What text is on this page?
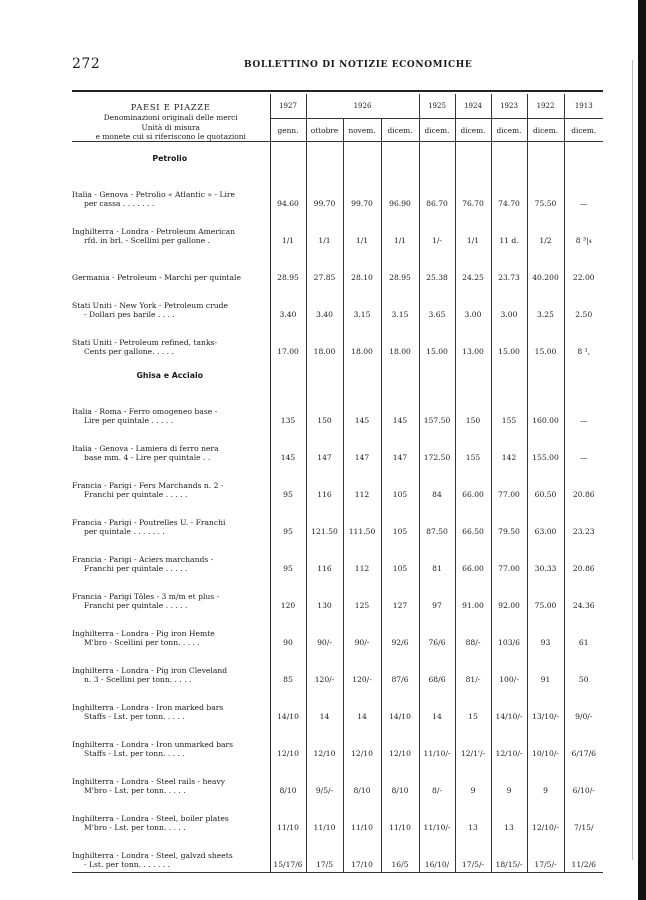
272	BOLLETTINO DI NOTIZIE ECONOMICHE
PAESI E PIAZZE
Denominazioni originali delle merci
Unità di misura
e monete cui si riferiscono le quotazioni	1927	1926			1925	1924	1923	1922	1913
	genn.	ottobre	novem.	dicem.	dicem.	dicem.	dicem.	dicem.	dicem.
Petrolio									

Italia - Genova - Petrolio « Atlantic » - Lire
per cassa . . . . . . .	94.60	99.70	99.70	96.90	86.70	76.70	74.70	75.50	—

Inghilterra - Londra - Petroleum American
rfd. in brl. - Scellini per gallone .	1/1	1/1	1/1	1/1	1/-	1/1	11 d.	1/2	8 ³|₄

Germania - Petroleum - Marchi per quintale	28.95	27.85	28.10	28.95	25.38	24.25	23.73	40.200	22.00

Stati Uniti - New York - Petroleum crude
- Dollari pes barile . . . .	3.40	3.40	3.15	3.15	3.65	3.00	3.00	3.25	2.50

Stati Uniti - Petroleum refined, tanks-
Cents per gallone. . . . .	17.00	18.00	18.00	18.00	15.00	13.00	15.00	15.00	8 ¹,
Ghisa e Acciaio									

Italia - Roma - Ferro omogeneo base -
Lire per quintale . . . . .	135	150	145	145	157.50	150	155	160.00	—

Italia - Genova - Lamiera di ferro nera
base mm. 4 - Lire per quintale . .	145	147	147	147	172.50	155	142	155.00	—

Francia - Parigi - Fers Marchands n. 2 -
Franchi per quintale . . . . .	95	116	112	105	84	66.00	77.00	60.50	20.86

Francia - Parigi - Poutrelles U. - Franchi
per quintale . . . . . . .	95	121.50	111.50	105	87.50	66.50	79.50	63.00	23.23

Francia - Parigi - Aciers marchands -
Franchi per quintale . . . . .	95	116	112	105	81	66.00	77.00	30.33	20.86

Francia - Parigi Tôles - 3 m/m et plus -
Franchi per quintale . . . . .	120	130	125	127	97	91.00	92.00	75.00	24.36

Inghilterra - Londra - Pig iron Hemte
M'bro - Scellini per tonn. . . . .	90	90/-	90/-	92/6	76/6	88/-	103/6	93	61

Inghilterra - Londra - Pig iron Cleveland
n. 3 - Scellini per tonn. . . . .	85	120/-	120/-	87/6	68/6	81/-	100/-	91	50

Inghilterra - Londra - Iron marked bars
Staffs - Lst. per tonn. . . . .	14/10	14	14	14/10	14	15	14/10/-	13/10/-	9/0/-

Inghilterra - Londra - Iron unmarked bars
Staffs - Lst. per tonn. . . . .	12/10	12/10	12/10	12/10	11/10/-	12/1'/-	12/10/-	10/10/-	6/17/6

Inghilterra - Londra - Steel rails - heavy
M'bro - Lst. per tonn. . . . .	8/10	9/5/-	8/10	8/10	8/-	9	9	9	6/10/-

Inghilterra - Londra - Steel, boiler plates
M'bro - Lst. per tonn. . . . .	11/10	11/10	11/10	11/10	11/10/-	13	13	12/10/-	7/15/

Inghilterra - Londra - Steel, galvzd sheets
- Lst. per tonn. . . . . . .	15/17/6	17/5	17/10	16/5	16/10/	17/5/-	18/15/-	17/5/-	11/2/6
